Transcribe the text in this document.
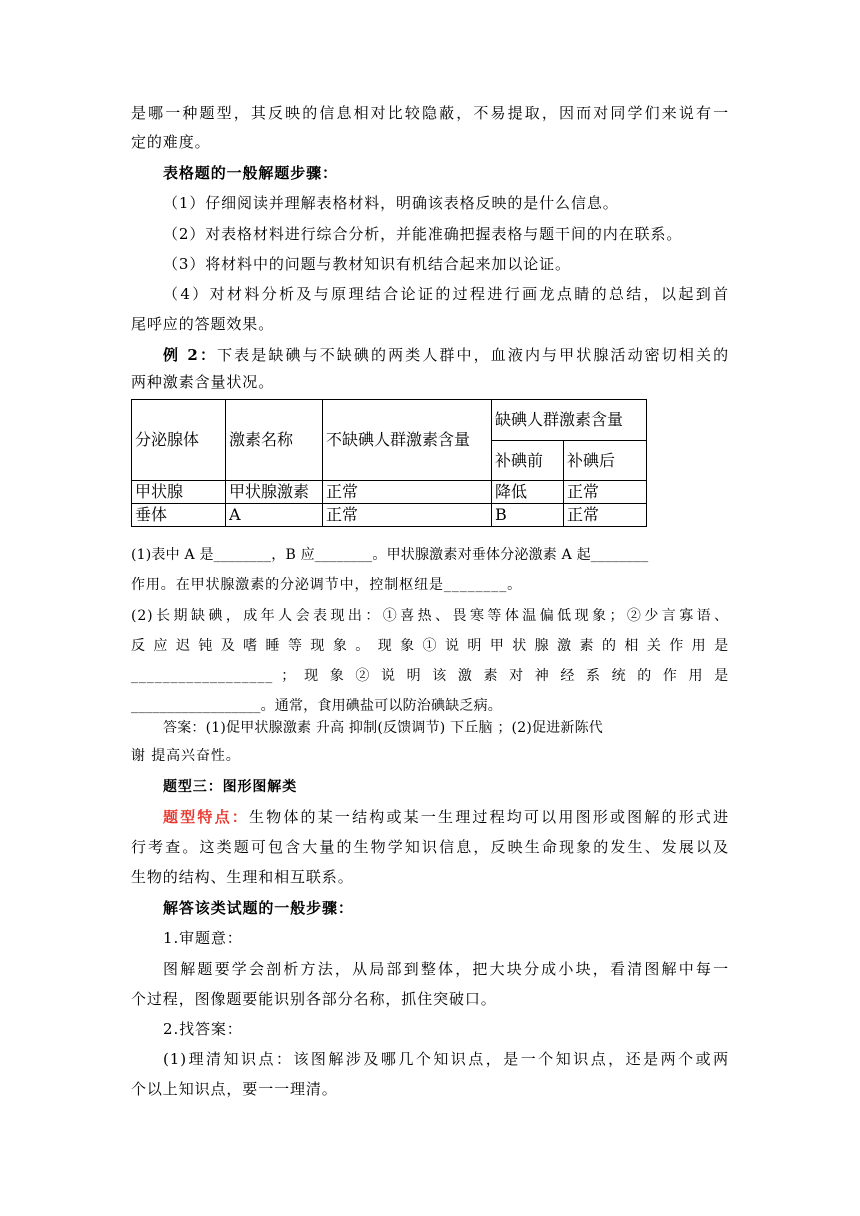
是哪一种题型，其反映的信息相对比较隐蔽，不易提取，因而对同学们来说有一
定的难度。
表格题的一般解题步骤：
（1）仔细阅读并理解表格材料，明确该表格反映的是什么信息。
（2）对表格材料进行综合分析，并能准确把握表格与题干间的内在联系。
（3）将材料中的问题与教材知识有机结合起来加以论证。
（4）对材料分析及与原理结合论证的过程进行画龙点睛的总结，以起到首
尾呼应的答题效果。
例 2：下表是缺碘与不缺碘的两类人群中，血液内与甲状腺活动密切相关的
两种激素含量状况。
分泌腺体	激素名称	不缺碘人群激素含量	缺碘人群激素含量	
			补碘前	补碘后
甲状腺	甲状腺激素	正常	降低	正常
垂体	A	正常	B	正常
(1)表中 A 是________，B 应________。甲状腺激素对垂体分泌激素 A 起________
作用。在甲状腺激素的分泌调节中，控制枢纽是________。
(2)长期缺碘，成年人会表现出：①喜热、畏寒等体温偏低现象；②少言寡语、
反 应 迟 钝 及 嗜 睡 等 现 象 。 现 象 ① 说 明 甲 状 腺 激 素 的 相 关 作 用 是
__________________ ； 现 象 ② 说 明 该 激 素 对 神 经 系 统 的 作 用 是
__________________。通常，食用碘盐可以防治碘缺乏病。
答案：(1)促甲状腺激素 升高 抑制(反馈调节) 下丘脑 ；(2)促进新陈代
谢 提高兴奋性。
题型三：图形图解类
题型特点：生物体的某一结构或某一生理过程均可以用图形或图解的形式进
行考查。这类题可包含大量的生物学知识信息，反映生命现象的发生、发展以及
生物的结构、生理和相互联系。
解答该类试题的一般步骤：
1.审题意：
图解题要学会剖析方法，从局部到整体，把大块分成小块，看清图解中每一
个过程，图像题要能识别各部分名称，抓住突破口。
2.找答案：
(1)理清知识点：该图解涉及哪几个知识点，是一个知识点，还是两个或两
个以上知识点，要一一理清。
